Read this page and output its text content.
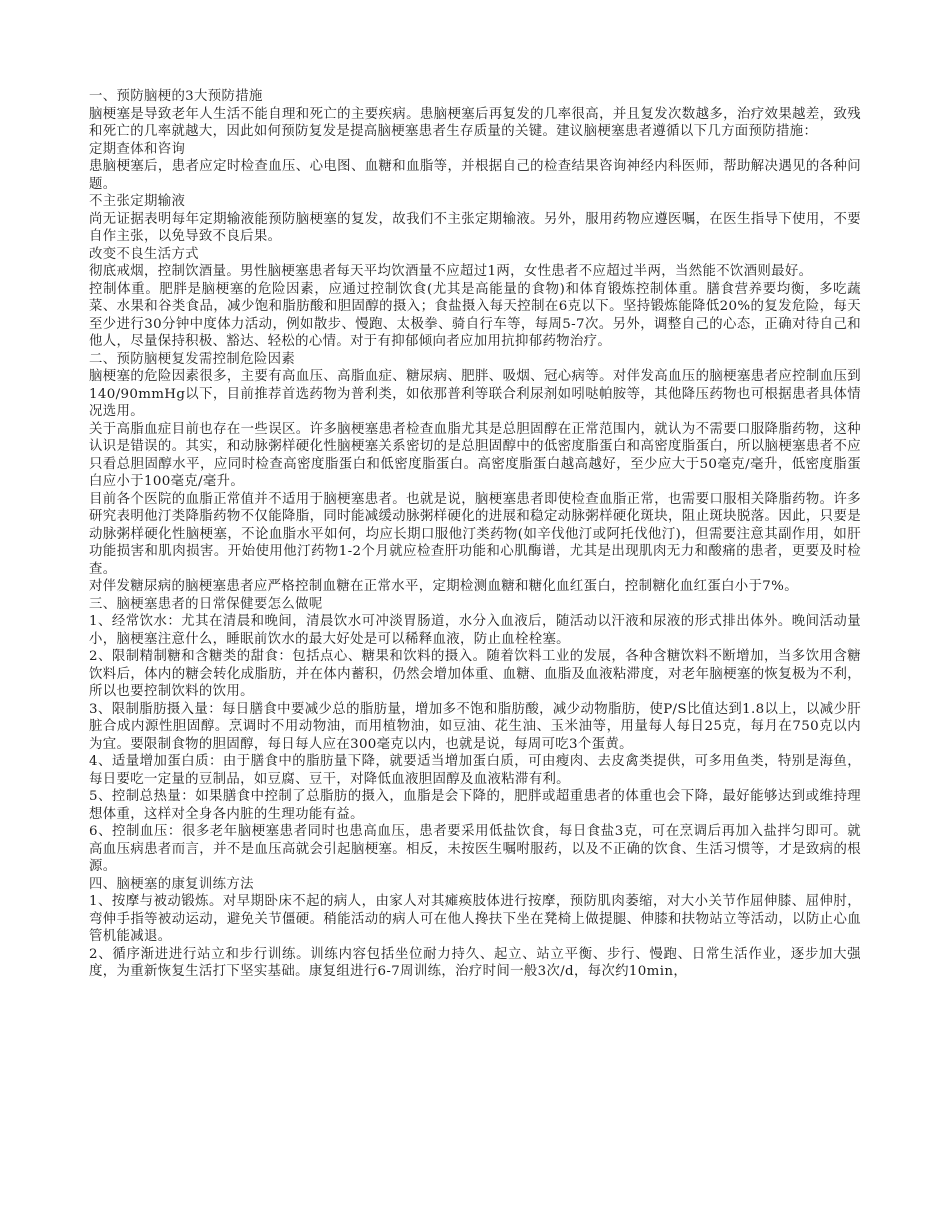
一、预防脑梗的3大预防措施

脑梗塞是导致老年人生活不能自理和死亡的主要疾病。患脑梗塞后再复发的几率很高，并且复发次数越多，治疗效果越差，致残和死亡的几率就越大，因此如何预防复发是提高脑梗塞患者生存质量的关键。建议脑梗塞患者遵循以下几方面预防措施：

定期查体和咨询

患脑梗塞后，患者应定时检查血压、心电图、血糖和血脂等，并根据自己的检查结果咨询神经内科医师，帮助解决遇见的各种问题。

不主张定期输液

尚无证据表明每年定期输液能预防脑梗塞的复发，故我们不主张定期输液。另外，服用药物应遵医嘱，在医生指导下使用，不要自作主张，以免导致不良后果。

改变不良生活方式

彻底戒烟，控制饮酒量。男性脑梗塞患者每天平均饮酒量不应超过1两，女性患者不应超过半两，当然能不饮酒则最好。

控制体重。肥胖是脑梗塞的危险因素，应通过控制饮食(尤其是高能量的食物)和体育锻炼控制体重。膳食营养要均衡，多吃蔬菜、水果和谷类食品，减少饱和脂肪酸和胆固醇的摄入；食盐摄入每天控制在6克以下。坚持锻炼能降低20%的复发危险，每天至少进行30分钟中度体力活动，例如散步、慢跑、太极拳、骑自行车等，每周5-7次。另外，调整自己的心态，正确对待自己和他人，尽量保持积极、豁达、轻松的心情。对于有抑郁倾向者应加用抗抑郁药物治疗。

二、预防脑梗复发需控制危险因素

脑梗塞的危险因素很多，主要有高血压、高脂血症、糖尿病、肥胖、吸烟、冠心病等。对伴发高血压的脑梗塞患者应控制血压到140/90mmHg以下，目前推荐首选药物为普利类，如依那普利等联合利尿剂如吲哒帕胺等，其他降压药物也可根据患者具体情况选用。

关于高脂血症目前也存在一些误区。许多脑梗塞患者检查血脂尤其是总胆固醇在正常范围内，就认为不需要口服降脂药物，这种认识是错误的。其实，和动脉粥样硬化性脑梗塞关系密切的是总胆固醇中的低密度脂蛋白和高密度脂蛋白，所以脑梗塞患者不应只看总胆固醇水平，应同时检查高密度脂蛋白和低密度脂蛋白。高密度脂蛋白越高越好，至少应大于50毫克/毫升，低密度脂蛋白应小于100毫克/毫升。

目前各个医院的血脂正常值并不适用于脑梗塞患者。也就是说，脑梗塞患者即使检查血脂正常，也需要口服相关降脂药物。许多研究表明他汀类降脂药物不仅能降脂，同时能减缓动脉粥样硬化的进展和稳定动脉粥样硬化斑块，阻止斑块脱落。因此，只要是动脉粥样硬化性脑梗塞，不论血脂水平如何，均应长期口服他汀类药物(如辛伐他汀或阿托伐他汀)，但需要注意其副作用，如肝功能损害和肌肉损害。开始使用他汀药物1-2个月就应检查肝功能和心肌酶谱，尤其是出现肌肉无力和酸痛的患者，更要及时检查。

对伴发糖尿病的脑梗塞患者应严格控制血糖在正常水平，定期检测血糖和糖化血红蛋白，控制糖化血红蛋白小于7%。

三、脑梗塞患者的日常保健要怎么做呢

1、经常饮水：尤其在清晨和晚间，清晨饮水可冲淡胃肠道，水分入血液后，随活动以汗液和尿液的形式排出体外。晚间活动量小，脑梗塞注意什么，睡眠前饮水的最大好处是可以稀释血液，防止血栓栓塞。

2、限制精制糖和含糖类的甜食：包括点心、糖果和饮料的摄入。随着饮料工业的发展，各种含糖饮料不断增加，当多饮用含糖饮料后，体内的糖会转化成脂肪，并在体内蓄积，仍然会增加体重、血糖、血脂及血液粘滞度，对老年脑梗塞的恢复极为不利，所以也要控制饮料的饮用。

3、限制脂肪摄入量：每日膳食中要减少总的脂肪量，增加多不饱和脂肪酸，减少动物脂肪，使P/S比值达到1.8以上，以减少肝脏合成内源性胆固醇。烹调时不用动物油，而用植物油，如豆油、花生油、玉米油等，用量每人每日25克，每月在750克以内为宜。要限制食物的胆固醇，每日每人应在300毫克以内，也就是说，每周可吃3个蛋黄。

4、适量增加蛋白质：由于膳食中的脂肪量下降，就要适当增加蛋白质，可由瘦肉、去皮禽类提供，可多用鱼类，特别是海鱼，每日要吃一定量的豆制品，如豆腐、豆干，对降低血液胆固醇及血液粘滞有利。

5、控制总热量：如果膳食中控制了总脂肪的摄入，血脂是会下降的，肥胖或超重患者的体重也会下降，最好能够达到或维持理想体重，这样对全身各内脏的生理功能有益。

6、控制血压：很多老年脑梗塞患者同时也患高血压，患者要采用低盐饮食，每日食盐3克，可在烹调后再加入盐拌匀即可。就高血压病患者而言，并不是血压高就会引起脑梗塞。相反，未按医生嘱咐服药，以及不正确的饮食、生活习惯等，才是致病的根源。

四、脑梗塞的康复训练方法

1、按摩与被动锻炼。对早期卧床不起的病人，由家人对其瘫痪肢体进行按摩，预防肌肉萎缩，对大小关节作屈伸膝、屈伸肘，弯伸手指等被动运动，避免关节僵硬。稍能活动的病人可在他人搀扶下坐在凳椅上做提腿、伸膝和扶物站立等活动，以防止心血管机能减退。

2、循序渐进进行站立和步行训练。训练内容包括坐位耐力持久、起立、站立平衡、步行、慢跑、日常生活作业，逐步加大强度，为重新恢复生活打下坚实基础。康复组进行6-7周训练，治疗时间一般3次/d，每次约10min，
